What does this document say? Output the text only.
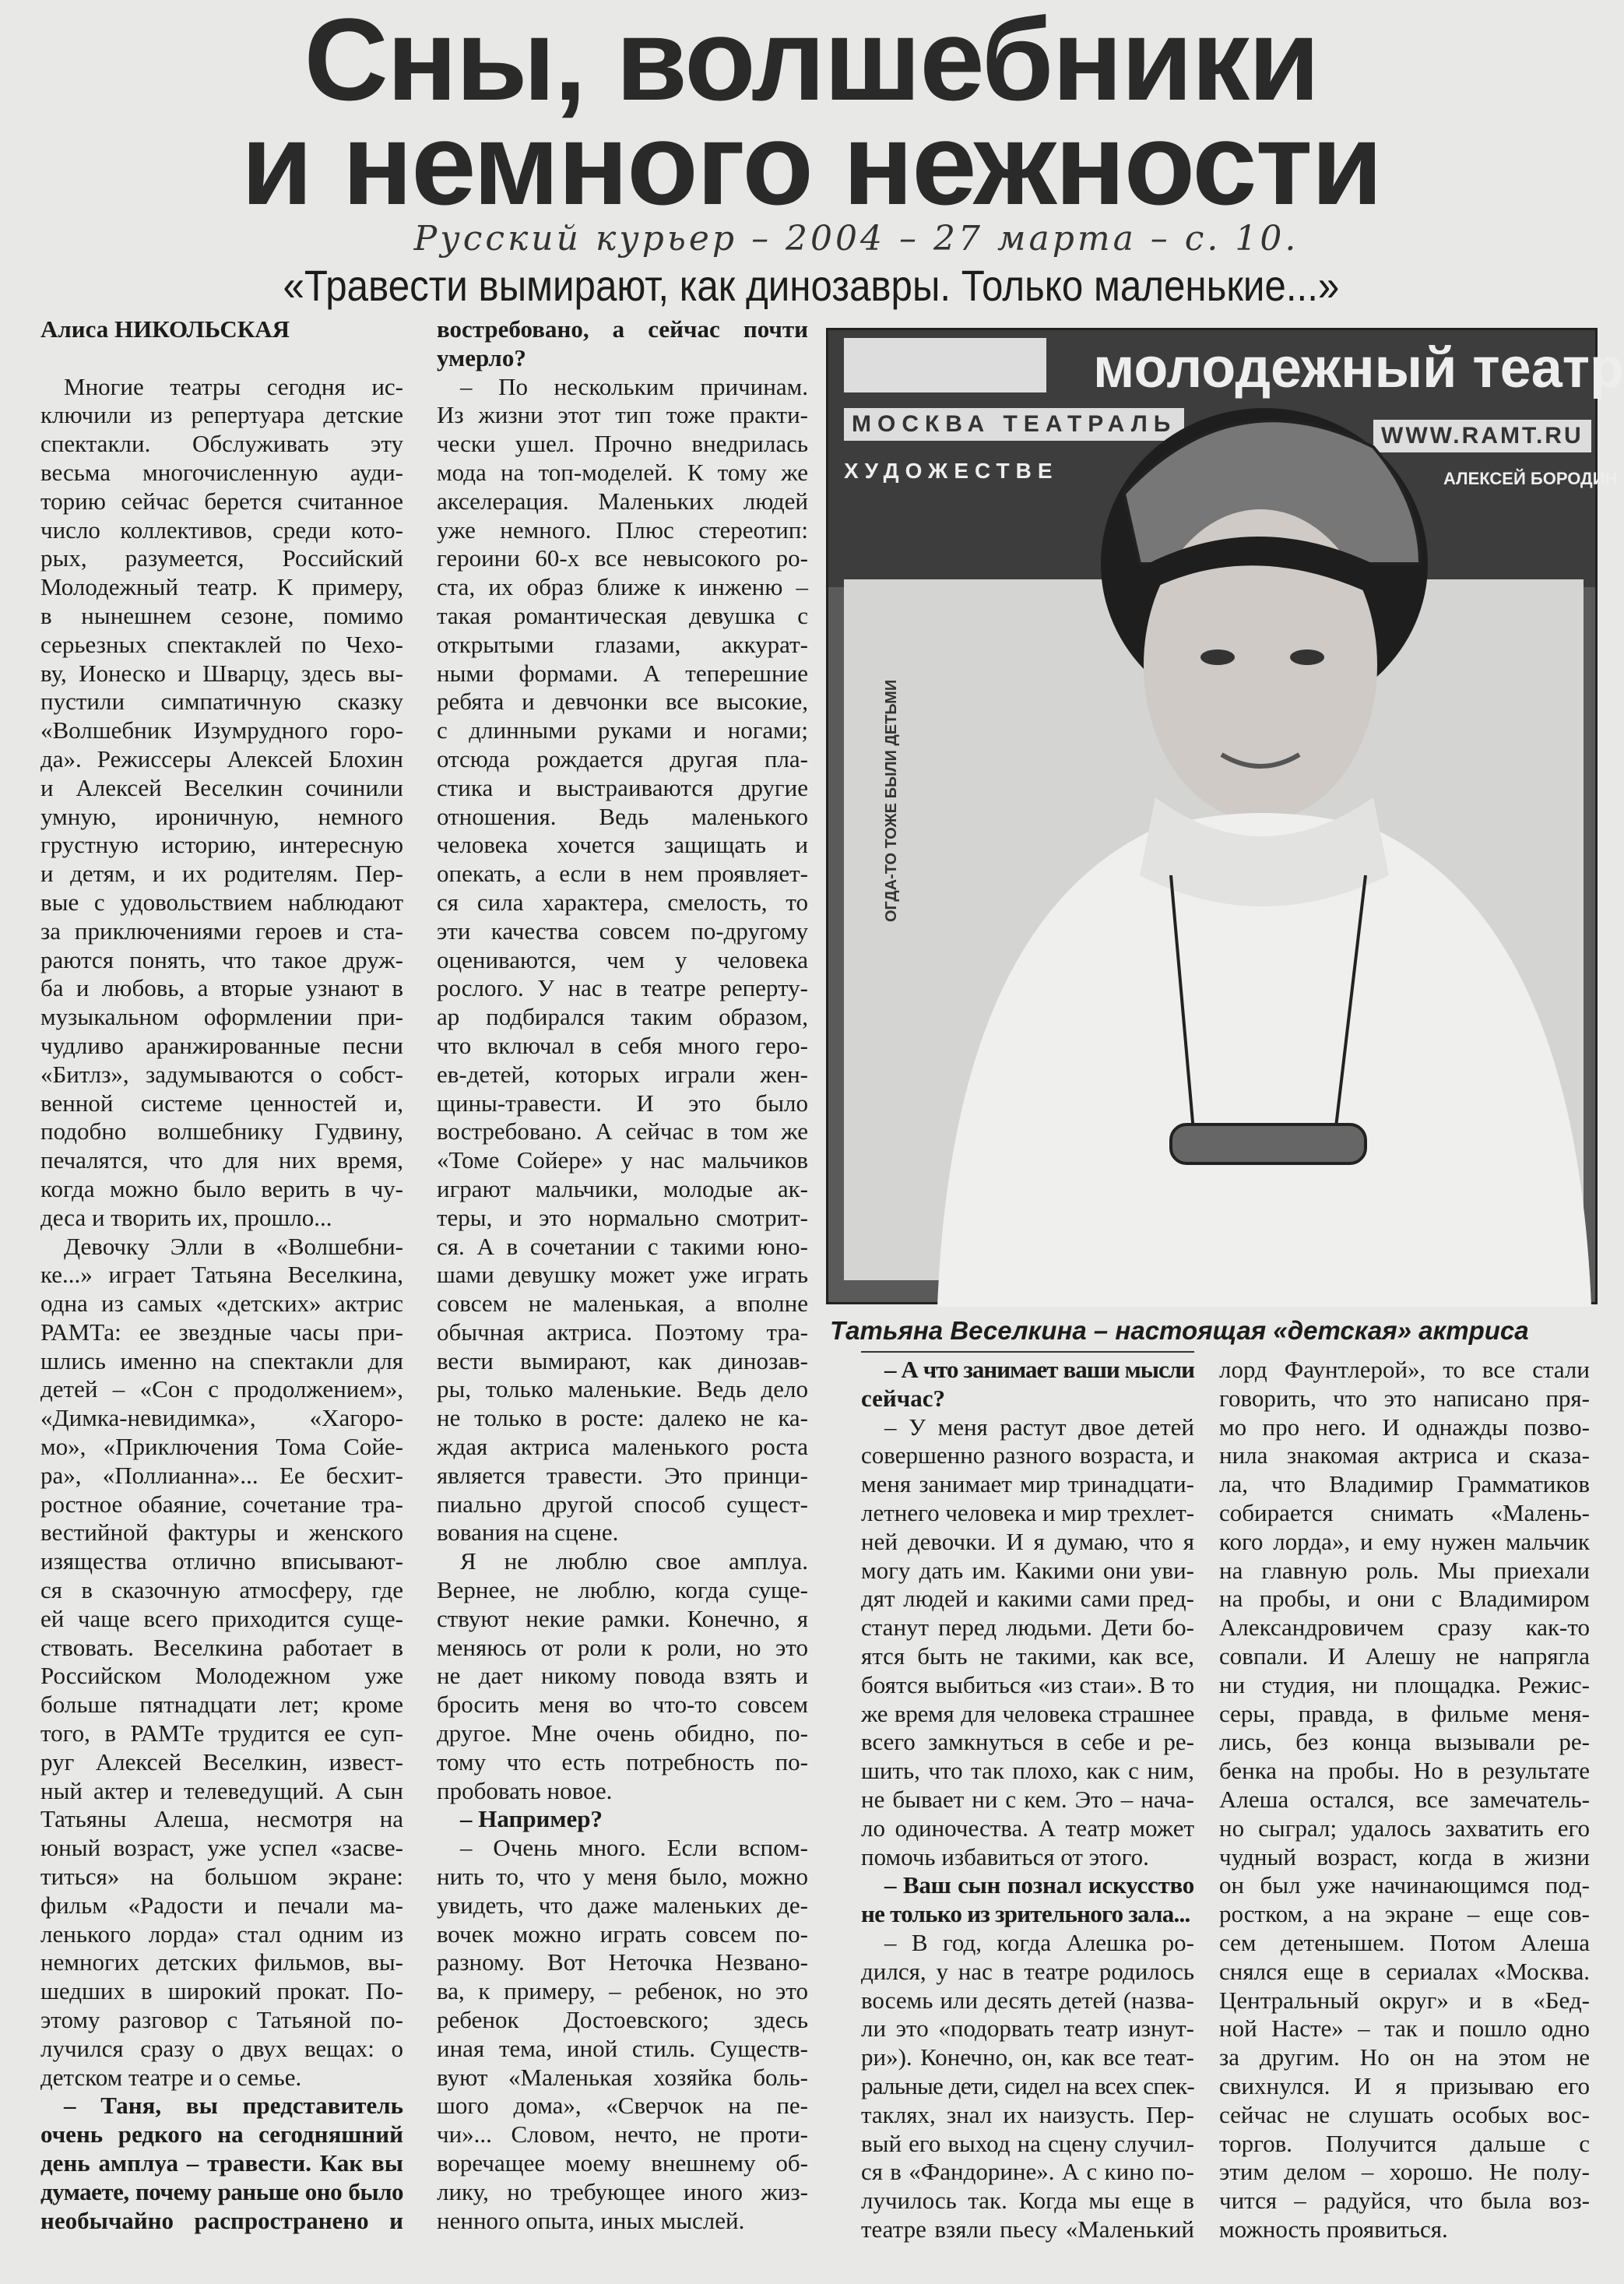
Сны, волшебники
и немного нежности
Русский курьер – 2004 – 27 марта – с. 10.
«Травести вымирают, как динозавры. Только маленькие...»
Алиса НИКОЛЬСКАЯ
Многие театры сегодня ис-
ключили из репертуара детские
спектакли. Обслуживать эту
весьма многочисленную ауди-
торию сейчас берется считанное
число коллективов, среди кото-
рых, разумеется, Российский
Молодежный театр. К примеру,
в нынешнем сезоне, помимо
серьезных спектаклей по Чехо-
ву, Ионеско и Шварцу, здесь вы-
пустили симпатичную сказку
«Волшебник Изумрудного горо-
да». Режиссеры Алексей Блохин
и Алексей Веселкин сочинили
умную, ироничную, немного
грустную историю, интересную
и детям, и их родителям. Пер-
вые с удовольствием наблюдают
за приключениями героев и ста-
раются понять, что такое друж-
ба и любовь, а вторые узнают в
музыкальном оформлении при-
чудливо аранжированные песни
«Битлз», задумываются о собст-
венной системе ценностей и,
подобно волшебнику Гудвину,
печалятся, что для них время,
когда можно было верить в чу-
деса и творить их, прошло...
Девочку Элли в «Волшебни-
ке...» играет Татьяна Веселкина,
одна из самых «детских» актрис
РАМТа: ее звездные часы при-
шлись именно на спектакли для
детей – «Сон с продолжением»,
«Димка-невидимка», «Хагоро-
мо», «Приключения Тома Сойе-
ра», «Поллианна»... Ее бесхит-
ростное обаяние, сочетание тра-
вестийной фактуры и женского
изящества отлично вписывают-
ся в сказочную атмосферу, где
ей чаще всего приходится суще-
ствовать. Веселкина работает в
Российском Молодежном уже
больше пятнадцати лет; кроме
того, в РАМТе трудится ее суп-
руг Алексей Веселкин, извест-
ный актер и телеведущий. А сын
Татьяны Алеша, несмотря на
юный возраст, уже успел «засве-
титься» на большом экране:
фильм «Радости и печали ма-
ленького лорда» стал одним из
немногих детских фильмов, вы-
шедших в широкий прокат. По-
этому разговор с Татьяной по-
лучился сразу о двух вещах: о
детском театре и о семье.
– Таня, вы представитель
очень редкого на сегодняшний
день амплуа – травести. Как вы
думаете, почему раньше оно было
необычайно распространено и
востребовано, а сейчас почти
умерло?
– По нескольким причинам.
Из жизни этот тип тоже практи-
чески ушел. Прочно внедрилась
мода на топ-моделей. К тому же
акселерация. Маленьких людей
уже немного. Плюс стереотип:
героини 60-х все невысокого ро-
ста, их образ ближе к инженю –
такая романтическая девушка с
открытыми глазами, аккурат-
ными формами. А теперешние
ребята и девчонки все высокие,
с длинными руками и ногами;
отсюда рождается другая пла-
стика и выстраиваются другие
отношения. Ведь маленького
человека хочется защищать и
опекать, а если в нем проявляет-
ся сила характера, смелость, то
эти качества совсем по-другому
оцениваются, чем у человека
рослого. У нас в театре реперту-
ар подбирался таким образом,
что включал в себя много геро-
ев-детей, которых играли жен-
щины-травести. И это было
востребовано. А сейчас в том же
«Томе Сойере» у нас мальчиков
играют мальчики, молодые ак-
теры, и это нормально смотрит-
ся. А в сочетании с такими юно-
шами девушку может уже играть
совсем не маленькая, а вполне
обычная актриса. Поэтому тра-
вести вымирают, как динозав-
ры, только маленькие. Ведь дело
не только в росте: далеко не ка-
ждая актриса маленького роста
является травести. Это принци-
пиально другой способ сущест-
вования на сцене.
Я не люблю свое амплуа.
Вернее, не люблю, когда суще-
ствуют некие рамки. Конечно, я
меняюсь от роли к роли, но это
не дает никому повода взять и
бросить меня во что-то совсем
другое. Мне очень обидно, по-
тому что есть потребность по-
пробовать новое.
– Например?
– Очень много. Если вспом-
нить то, что у меня было, можно
увидеть, что даже маленьких де-
вочек можно играть совсем по-
разному. Вот Неточка Незвано-
ва, к примеру, – ребенок, но это
ребенок Достоевского; здесь
иная тема, иной стиль. Существ-
вуют «Маленькая хозяйка боль-
шого дома», «Сверчок на пе-
чи»... Словом, нечто, не проти-
воречащее моему внешнему об-
лику, но требующее иного жиз-
ненного опыта, иных мыслей.
– А что занимает ваши мысли
сейчас?
– У меня растут двое детей
совершенно разного возраста, и
меня занимает мир тринадцати-
летнего человека и мир трехлет-
ней девочки. И я думаю, что я
могу дать им. Какими они уви-
дят людей и какими сами пред-
станут перед людьми. Дети бо-
ятся быть не такими, как все,
боятся выбиться «из стаи». В то
же время для человека страшнее
всего замкнуться в себе и ре-
шить, что так плохо, как с ним,
не бывает ни с кем. Это – нача-
ло одиночества. А театр может
помочь избавиться от этого.
– Ваш сын познал искусство
не только из зрительного зала...
– В год, когда Алешка ро-
дился, у нас в театре родилось
восемь или десять детей (назва-
ли это «подорвать театр изнут-
ри»). Конечно, он, как все теат-
ральные дети, сидел на всех спек-
таклях, знал их наизусть. Пер-
вый его выход на сцену случил-
ся в «Фандорине». А с кино по-
лучилось так. Когда мы еще в
театре взяли пьесу «Маленький
лорд Фаунтлерой», то все стали
говорить, что это написано пря-
мо про него. И однажды позво-
нила знакомая актриса и сказа-
ла, что Владимир Грамматиков
собирается снимать «Малень-
кого лорда», и ему нужен мальчик
на главную роль. Мы приехали
на пробы, и они с Владимиром
Александровичем сразу как-то
совпали. И Алешу не напрягла
ни студия, ни площадка. Режис-
серы, правда, в фильме меня-
лись, без конца вызывали ре-
бенка на пробы. Но в результате
Алеша остался, все замечатель-
но сыграл; удалось захватить его
чудный возраст, когда в жизни
он был уже начинающимся под-
ростком, а на экране – еще сов-
сем детенышем. Потом Алеша
снялся еще в сериалах «Москва.
Центральный округ» и в «Бед-
ной Насте» – так и пошло одно
за другим. Но он на этом не
свихнулся. И я призываю его
сейчас не слушать особых вос-
торгов. Получится дальше с
этим делом – хорошо. Не полу-
чится – радуйся, что была воз-
можность проявиться.
молодежный театр
МОСКВА ТЕАТРАЛЬ
ХУДОЖЕСТВЕ
WWW.RAMT.RU
АЛЕКСЕЙ БОРОДИН
ОГДА-ТО ТОЖЕ БЫЛИ ДЕТЬМИ
Татьяна Веселкина – настоящая «детская» актриса
